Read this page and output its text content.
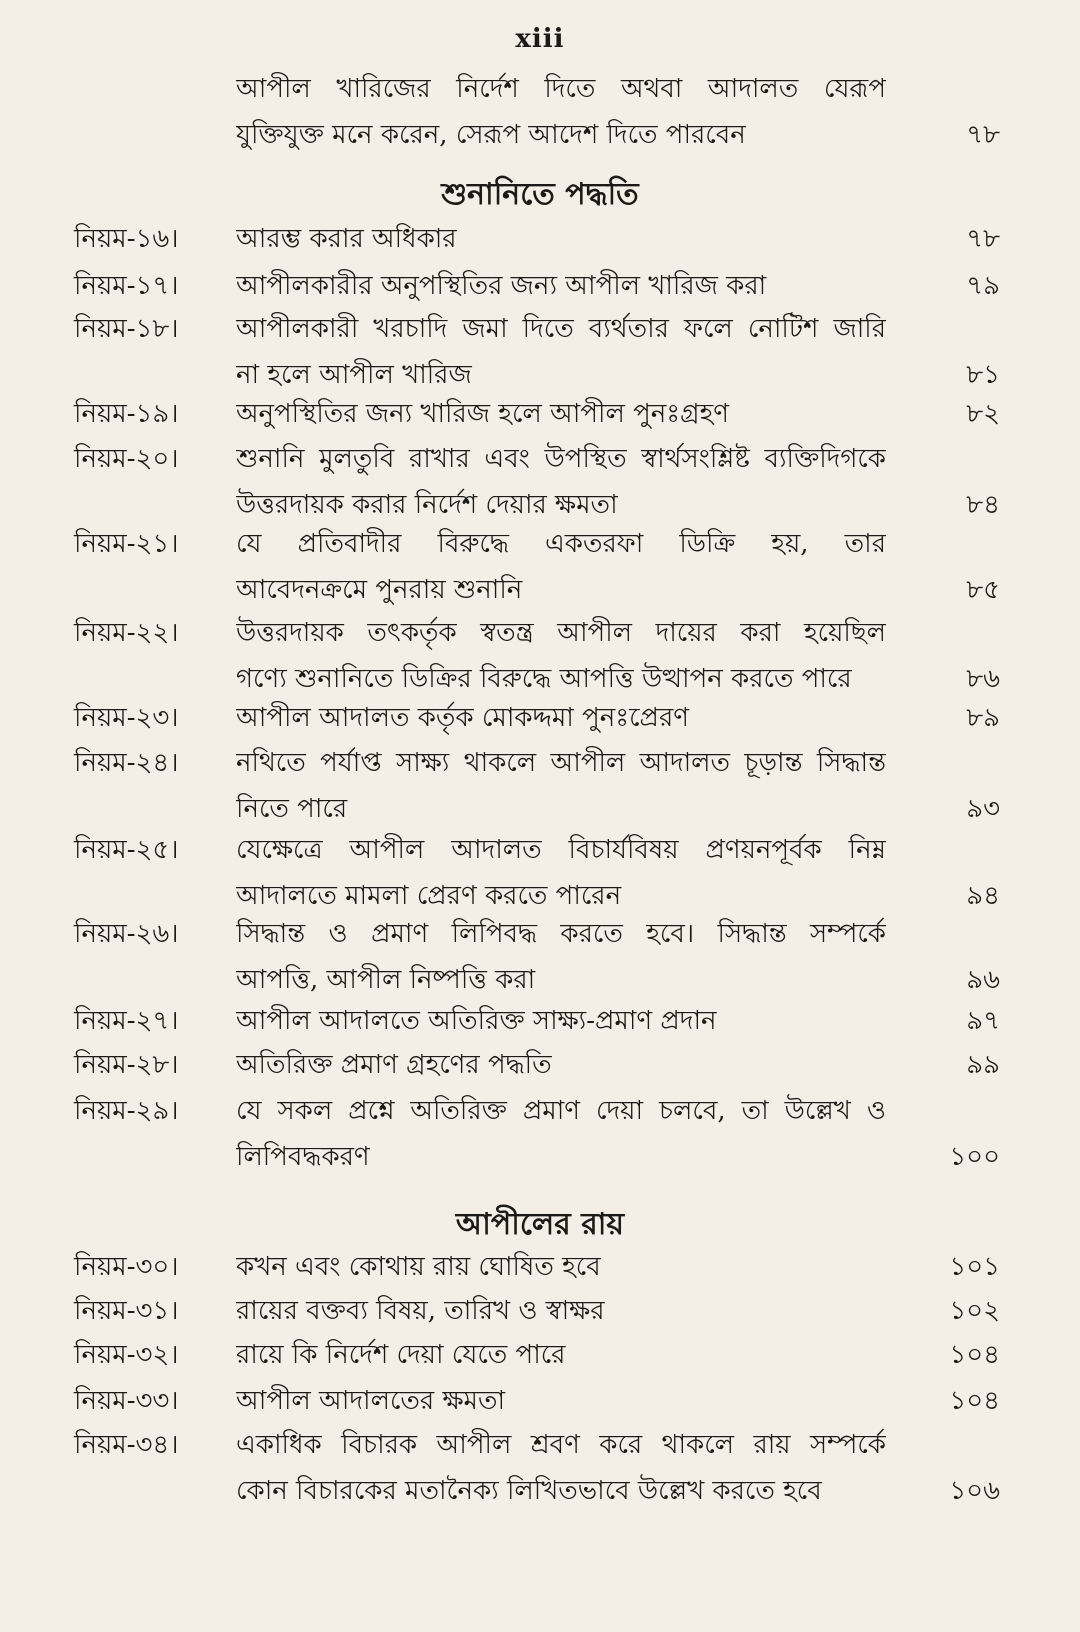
xiii
আপীল খারিজের নির্দেশ দিতে অথবা আদালত যেরূপ
যুক্তিযুক্ত মনে করেন, সেরূপ আদেশ দিতে পারবেন	৭৮
শুনানিতে পদ্ধতি
নিয়ম-১৬। আরম্ভ করার অধিকার	৭৮
নিয়ম-১৭। আপীলকারীর অনুপস্থিতির জন্য আপীল খারিজ করা	৭৯
নিয়ম-১৮। আপীলকারী খরচাদি জমা দিতে ব্যর্থতার ফলে নোটিশ জারি
না হলে আপীল খারিজ	৮১
নিয়ম-১৯। অনুপস্থিতির জন্য খারিজ হলে আপীল পুনঃগ্রহণ	৮২
নিয়ম-২০। শুনানি মুলতুবি রাখার এবং উপস্থিত স্বার্থসংশ্লিষ্ট ব্যক্তিদিগকে
উত্তরদায়ক করার নির্দেশ দেয়ার ক্ষমতা	৮৪
নিয়ম-২১। যে প্রতিবাদীর বিরুদ্ধে একতরফা ডিক্রি হয়, তার
আবেদনক্রমে পুনরায় শুনানি	৮৫
নিয়ম-২২। উত্তরদায়ক তৎকর্তৃক স্বতন্ত্র আপীল দায়ের করা হয়েছিল
গণ্যে শুনানিতে ডিক্রির বিরুদ্ধে আপত্তি উত্থাপন করতে পারে	৮৬
নিয়ম-২৩। আপীল আদালত কর্তৃক মোকদ্দমা পুনঃপ্রেরণ	৮৯
নিয়ম-২৪। নথিতে পর্যাপ্ত সাক্ষ্য থাকলে আপীল আদালত চূড়ান্ত সিদ্ধান্ত
নিতে পারে	৯৩
নিয়ম-২৫। যেক্ষেত্রে আপীল আদালত বিচার্যবিষয় প্রণয়নপূর্বক নিম্ন
আদালতে মামলা প্রেরণ করতে পারেন	৯৪
নিয়ম-২৬। সিদ্ধান্ত ও প্রমাণ লিপিবদ্ধ করতে হবে। সিদ্ধান্ত সম্পর্কে
আপত্তি, আপীল নিষ্পত্তি করা	৯৬
নিয়ম-২৭। আপীল আদালতে অতিরিক্ত সাক্ষ্য-প্রমাণ প্রদান	৯৭
নিয়ম-২৮। অতিরিক্ত প্রমাণ গ্রহণের পদ্ধতি	৯৯
নিয়ম-২৯। যে সকল প্রশ্নে অতিরিক্ত প্রমাণ দেয়া চলবে, তা উল্লেখ ও
লিপিবদ্ধকরণ	১০০
আপীলের রায়
নিয়ম-৩০। কখন এবং কোথায় রায় ঘোষিত হবে	১০১
নিয়ম-৩১। রায়ের বক্তব্য বিষয়, তারিখ ও স্বাক্ষর	১০২
নিয়ম-৩২। রায়ে কি নির্দেশ দেয়া যেতে পারে	১০৪
নিয়ম-৩৩। আপীল আদালতের ক্ষমতা	১০৪
নিয়ম-৩৪। একাধিক বিচারক আপীল শ্রবণ করে থাকলে রায় সম্পর্কে
কোন বিচারকের মতানৈক্য লিখিতভাবে উল্লেখ করতে হবে	১০৬
